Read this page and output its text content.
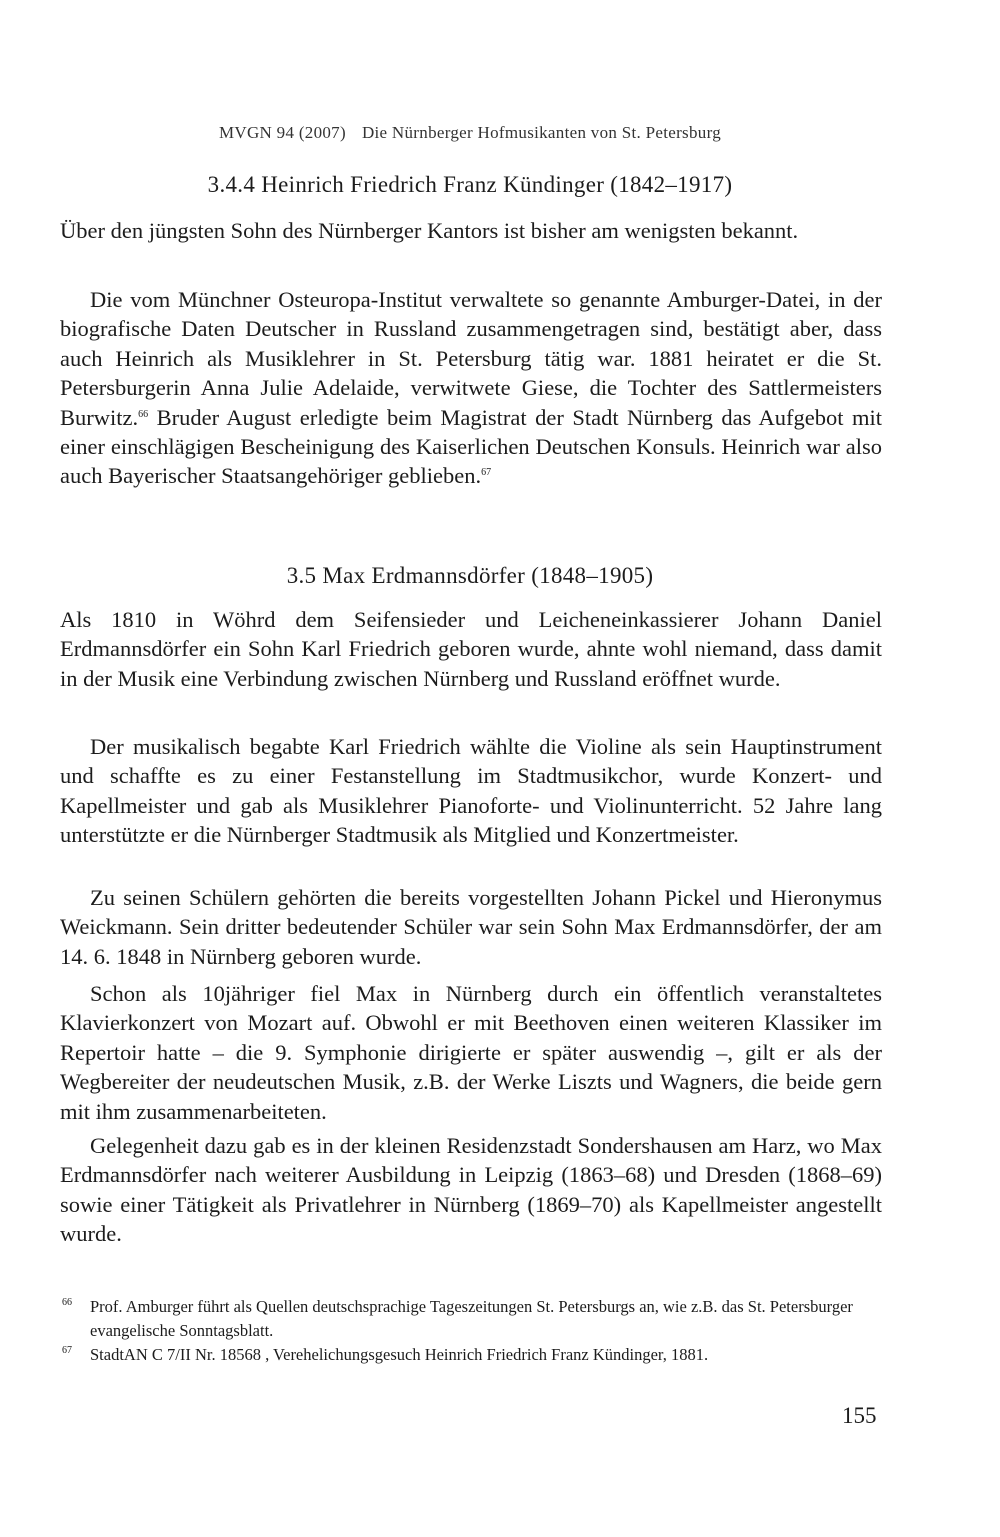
MVGN 94 (2007) Die Nürnberger Hofmusikanten von St. Petersburg
3.4.4 Heinrich Friedrich Franz Kündinger (1842–1917)
Über den jüngsten Sohn des Nürnberger Kantors ist bisher am wenigsten bekannt.
Die vom Münchner Osteuropa-Institut verwaltete so genannte Amburger-Datei, in der biografische Daten Deutscher in Russland zusammengetragen sind, bestätigt aber, dass auch Heinrich als Musiklehrer in St. Petersburg tätig war. 1881 heiratet er die St. Petersburgerin Anna Julie Adelaide, verwitwete Giese, die Tochter des Sattlermeisters Burwitz.$^{66}$ Bruder August erledigte beim Magistrat der Stadt Nürnberg das Aufgebot mit einer einschlägigen Bescheinigung des Kaiserlichen Deutschen Konsuls. Heinrich war also auch Bayerischer Staatsangehöriger geblieben.$^{67}$
3.5 Max Erdmannsdörfer (1848–1905)
Als 1810 in Wöhrd dem Seifensieder und Leicheneinkassierer Johann Daniel Erdmannsdörfer ein Sohn Karl Friedrich geboren wurde, ahnte wohl niemand, dass damit in der Musik eine Verbindung zwischen Nürnberg und Russland eröffnet wurde.
Der musikalisch begabte Karl Friedrich wählte die Violine als sein Hauptinstrument und schaffte es zu einer Festanstellung im Stadtmusikchor, wurde Konzert- und Kapellmeister und gab als Musiklehrer Pianoforte- und Violinunterricht. 52 Jahre lang unterstützte er die Nürnberger Stadtmusik als Mitglied und Konzertmeister.
Zu seinen Schülern gehörten die bereits vorgestellten Johann Pickel und Hieronymus Weickmann. Sein dritter bedeutender Schüler war sein Sohn Max Erdmannsdörfer, der am 14. 6. 1848 in Nürnberg geboren wurde.
Schon als 10jähriger fiel Max in Nürnberg durch ein öffentlich veranstaltetes Klavierkonzert von Mozart auf. Obwohl er mit Beethoven einen weiteren Klassiker im Repertoir hatte – die 9. Symphonie dirigierte er später auswendig –, gilt er als der Wegbereiter der neudeutschen Musik, z.B. der Werke Liszts und Wagners, die beide gern mit ihm zusammenarbeiteten.
Gelegenheit dazu gab es in der kleinen Residenzstadt Sondershausen am Harz, wo Max Erdmannsdörfer nach weiterer Ausbildung in Leipzig (1863–68) und Dresden (1868–69) sowie einer Tätigkeit als Privatlehrer in Nürnberg (1869–70) als Kapellmeister angestellt wurde.
66 Prof. Amburger führt als Quellen deutschsprachige Tageszeitungen St. Petersburgs an, wie z.B. das St. Petersburger evangelische Sonntagsblatt.
67 StadtAN C 7/II Nr. 18568 , Verehelichungsgesuch Heinrich Friedrich Franz Kündinger, 1881.
155
